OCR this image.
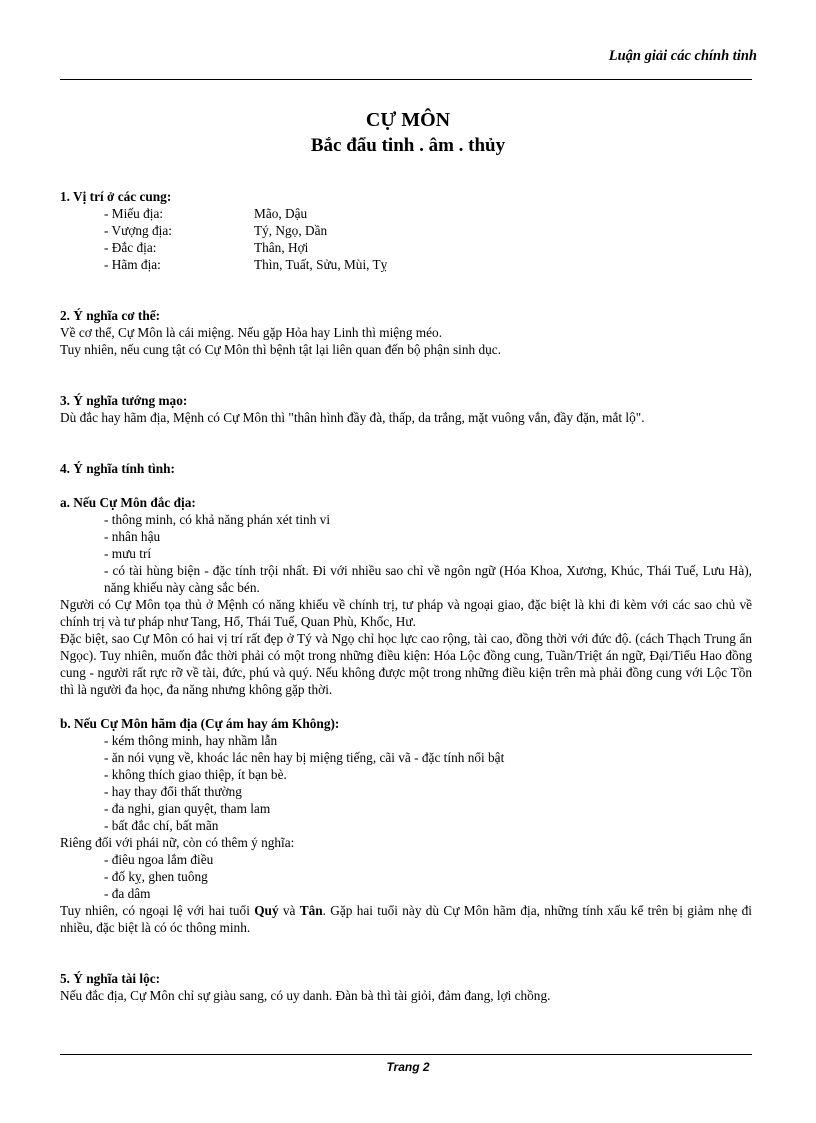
Luận giải các chính tinh
CỰ MÔN
Bắc đẩu tinh . âm . thủy
1. Vị trí ở các cung:
- Miếu địa:	Mão, Dậu
- Vượng địa:	Tý, Ngọ, Dần
- Đắc địa:	Thân, Hợi
- Hãm địa:	Thìn, Tuất, Sửu, Mùi, Tỵ
2. Ý nghĩa cơ thể:
Về cơ thể, Cự Môn là cái miệng. Nếu gặp Hỏa hay Linh thì miệng méo.
Tuy nhiên, nếu cung tật có Cự Môn thì bệnh tật lại liên quan đến bộ phận sinh dục.
3. Ý nghĩa tướng mạo:
Dù đắc hay hãm địa, Mệnh có Cự Môn thì "thân hình đầy đà, thấp, da trắng, mặt vuông vắn, đầy đặn, mắt lộ".
4. Ý nghĩa tính tình:
a. Nếu Cự Môn đắc địa:
- thông minh, có khả năng phán xét tinh vi
- nhân hậu
- mưu trí
- có tài hùng biện - đặc tính trội nhất. Đi với nhiều sao chỉ về ngôn ngữ (Hóa Khoa, Xương, Khúc, Thái Tuế, Lưu Hà), năng khiếu này càng sắc bén.
Người có Cự Môn tọa thủ ở Mệnh có năng khiếu về chính trị, tư pháp và ngoại giao, đặc biệt là khi đi kèm với các sao chủ về chính trị và tư pháp như Tang, Hổ, Thái Tuế, Quan Phù, Khốc, Hư.
Đặc biệt, sao Cự Môn có hai vị trí rất đẹp ở Tý và Ngọ chỉ học lực cao rộng, tài cao, đồng thời với đức độ. (cách Thạch Trung ẩn Ngọc). Tuy nhiên, muốn đắc thời phải có một trong những điều kiện: Hóa Lộc đồng cung, Tuần/Triệt án ngữ, Đại/Tiểu Hao đồng cung - người rất rực rỡ về tài, đức, phú và quý. Nếu không được một trong những điều kiện trên mà phải đồng cung với Lộc Tồn thì là người đa học, đa năng nhưng không gặp thời.
b. Nếu Cự Môn hãm địa (Cự ám hay ám Không):
- kém thông minh, hay nhầm lẫn
- ăn nói vụng về, khoác lác nên hay bị miệng tiếng, cãi vã - đặc tính nổi bật
- không thích giao thiệp, ít bạn bè.
- hay thay đổi thất thường
- đa nghi, gian quyệt, tham lam
- bất đắc chí, bất mãn
Riêng đối với phái nữ, còn có thêm ý nghĩa:
- điêu ngoa lắm điều
- đố kỵ, ghen tuông
- đa dâm
Tuy nhiên, có ngoại lệ với hai tuổi Quý và Tân. Gặp hai tuổi này dù Cự Môn hãm địa, những tính xấu kể trên bị giảm nhẹ đi nhiều, đặc biệt là có óc thông minh.
5. Ý nghĩa tài lộc:
Nếu đắc địa, Cự Môn chỉ sự giàu sang, có uy danh. Đàn bà thì tài giỏi, đảm đang, lợi chồng.
Trang 2
